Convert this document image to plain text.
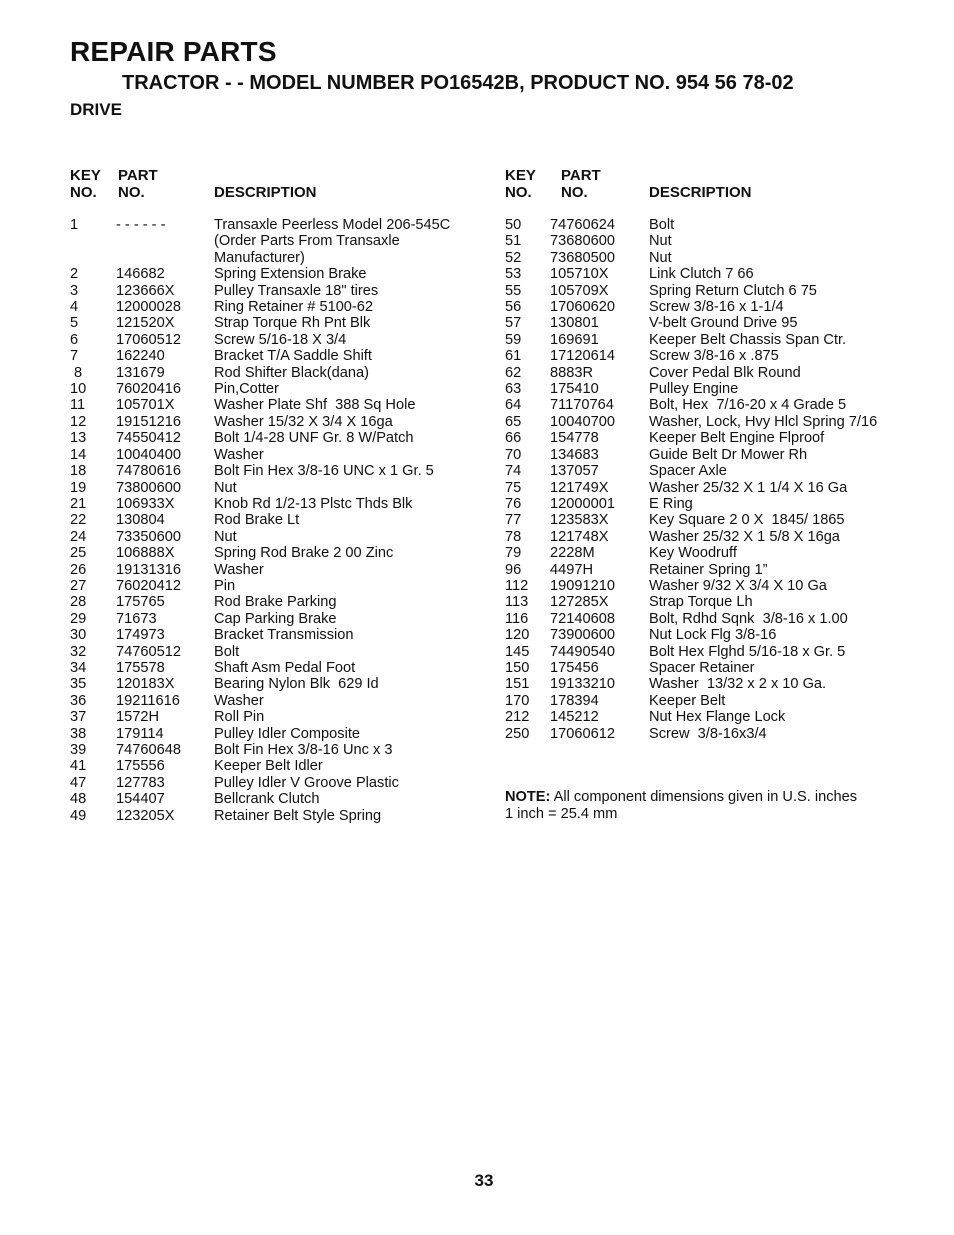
REPAIR PARTS
TRACTOR - - MODEL NUMBER PO16542B, PRODUCT NO. 954 56 78-02
DRIVE
KEY
NO.
PART
NO.	DESCRIPTION
1	- - - - - -	Transaxle Peerless Model 206-545C
(Order Parts From Transaxle
Manufacturer)
2	146682	Spring Extension Brake
3	123666X	Pulley Transaxle 18" tires
4	12000028 Ring Retainer # 5100-62
5	121520X	Strap Torque Rh Pnt Blk
6	17060512 Screw 5/16-18 X 3/4
7	162240	Bracket T/A Saddle Shift
8 131679	Rod Shifter Black(dana)
10 76020416 Pin,Cotter
11 105701X	Washer Plate Shf  388 Sq Hole
12 19151216 Washer 15/32 X 3/4 X 16ga
13 74550412 Bolt 1/4-28 UNF Gr. 8 W/Patch
14 10040400 Washer
18 74780616 Bolt Fin Hex 3/8-16 UNC x 1 Gr. 5
19 73800600 Nut
21 106933X	Knob Rd 1/2-13 Plstc Thds Blk
22 130804	Rod Brake Lt
24 73350600 Nut
25 106888X	Spring Rod Brake 2 00 Zinc
26 19131316 Washer
27 76020412 Pin
28 175765	Rod Brake Parking
29 71673	Cap Parking Brake
30 174973	Bracket Transmission
32 74760512 Bolt
34 175578	Shaft Asm Pedal Foot
35 120183X	Bearing Nylon Blk  629 Id
36 19211616 Washer
37 1572H	Roll Pin
38 179114	Pulley Idler Composite
39 74760648 Bolt Fin Hex 3/8-16 Unc x 3
41 175556	Keeper Belt Idler
47 127783	Pulley Idler V Groove Plastic
48 154407	Bellcrank Clutch
49 123205X	Retainer Belt Style Spring
KEY
NO.
PART
NO.	DESCRIPTION
50 74760624 Bolt
51 73680600 Nut
52 73680500 Nut
53 105710X	Link Clutch 7 66
55 105709X	Spring Return Clutch 6 75
56 17060620 Screw 3/8-16 x 1-1/4
57 130801	V-belt Ground Drive 95
59 169691	Keeper Belt Chassis Span Ctr.
61 17120614 Screw 3/8-16 x .875
62 8883R	Cover Pedal Blk Round
63 175410	Pulley Engine
64 71170764 Bolt, Hex  7/16-20 x 4 Grade 5
65 10040700 Washer, Lock, Hvy Hlcl Spring 7/16
66 154778	Keeper Belt Engine Flproof
70 134683	Guide Belt Dr Mower Rh
74 137057	Spacer Axle
75 121749X	Washer 25/32 X 1 1/4 X 16 Ga
76 12000001 E Ring
77 123583X	Key Square 2 0 X  1845/ 1865
78 121748X	Washer 25/32 X 1 5/8 X 16ga
79 2228M	Key Woodruff
96 4497H	Retainer Spring 1”
112 19091210 Washer 9/32 X 3/4 X 10 Ga
113 127285X	Strap Torque Lh
116 72140608 Bolt, Rdhd Sqnk  3/8-16 x 1.00
120 73900600 Nut Lock Flg 3/8-16
145 74490540 Bolt Hex Flghd 5/16-18 x Gr. 5
150 175456	Spacer Retainer
151 19133210 Washer  13/32 x 2 x 10 Ga.
170 178394	Keeper Belt
212 145212	Nut Hex Flange Lock
250 17060612 Screw  3/8-16x3/4
NOTE: All component dimensions given in U.S. inches
1 inch = 25.4 mm
33
